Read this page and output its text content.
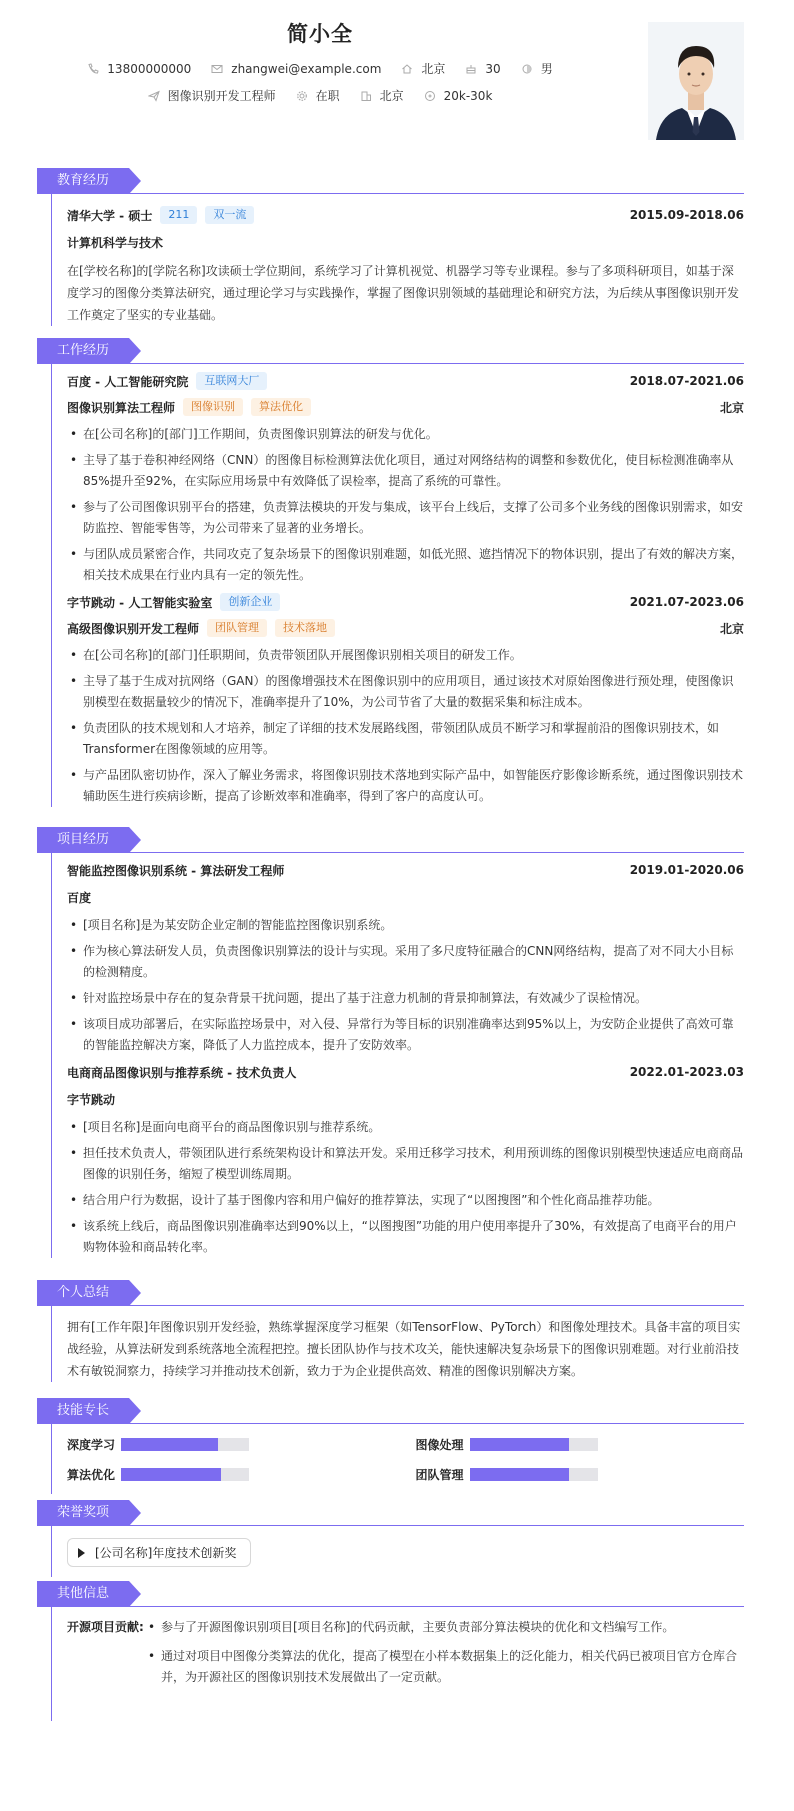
简小全
13800000000	zhangwei@example.com	北京	30	男
图像识别开发工程师	在职	北京	20k-30k
教育经历
清华大学 - 硕士	211	双一流	2015.09-2018.06
计算机科学与技术
在[学校名称]的[学院名称]攻读硕士学位期间，系统学习了计算机视觉、机器学习等专业课程。参与了多项科研项目，如基于深度学习的图像分类算法研究，通过理论学习与实践操作，掌握了图像识别领域的基础理论和研究方法，为后续从事图像识别开发工作奠定了坚实的专业基础。
工作经历
百度 - 人工智能研究院	互联网大厂	2018.07-2021.06
图像识别算法工程师	图像识别	算法优化	北京
• 在[公司名称]的[部门]工作期间，负责图像识别算法的研发与优化。
• 主导了基于卷积神经网络（CNN）的图像目标检测算法优化项目，通过对网络结构的调整和参数优化，使目标检测准确率从85%提升至92%，在实际应用场景中有效降低了误检率，提高了系统的可靠性。
• 参与了公司图像识别平台的搭建，负责算法模块的开发与集成，该平台上线后，支撑了公司多个业务线的图像识别需求，如安防监控、智能零售等，为公司带来了显著的业务增长。
• 与团队成员紧密合作，共同攻克了复杂场景下的图像识别难题，如低光照、遮挡情况下的物体识别，提出了有效的解决方案，相关技术成果在行业内具有一定的领先性。
字节跳动 - 人工智能实验室	创新企业	2021.07-2023.06
高级图像识别开发工程师	团队管理	技术落地	北京
• 在[公司名称]的[部门]任职期间，负责带领团队开展图像识别相关项目的研发工作。
• 主导了基于生成对抗网络（GAN）的图像增强技术在图像识别中的应用项目，通过该技术对原始图像进行预处理，使图像识别模型在数据量较少的情况下，准确率提升了10%，为公司节省了大量的数据采集和标注成本。
• 负责团队的技术规划和人才培养，制定了详细的技术发展路线图，带领团队成员不断学习和掌握前沿的图像识别技术，如Transformer在图像领域的应用等。
• 与产品团队密切协作，深入了解业务需求，将图像识别技术落地到实际产品中，如智能医疗影像诊断系统，通过图像识别技术辅助医生进行疾病诊断，提高了诊断效率和准确率，得到了客户的高度认可。
项目经历
智能监控图像识别系统 - 算法研发工程师	2019.01-2020.06
百度
• [项目名称]是为某安防企业定制的智能监控图像识别系统。
• 作为核心算法研发人员，负责图像识别算法的设计与实现。采用了多尺度特征融合的CNN网络结构，提高了对不同大小目标的检测精度。
• 针对监控场景中存在的复杂背景干扰问题，提出了基于注意力机制的背景抑制算法，有效减少了误检情况。
• 该项目成功部署后，在实际监控场景中，对入侵、异常行为等目标的识别准确率达到95%以上，为安防企业提供了高效可靠的智能监控解决方案，降低了人力监控成本，提升了安防效率。
电商商品图像识别与推荐系统 - 技术负责人	2022.01-2023.03
字节跳动
• [项目名称]是面向电商平台的商品图像识别与推荐系统。
• 担任技术负责人，带领团队进行系统架构设计和算法开发。采用迁移学习技术，利用预训练的图像识别模型快速适应电商商品图像的识别任务，缩短了模型训练周期。
• 结合用户行为数据，设计了基于图像内容和用户偏好的推荐算法，实现了“以图搜图”和个性化商品推荐功能。
• 该系统上线后，商品图像识别准确率达到90%以上，“以图搜图”功能的用户使用率提升了30%，有效提高了电商平台的用户购物体验和商品转化率。
个人总结
拥有[工作年限]年图像识别开发经验，熟练掌握深度学习框架（如TensorFlow、PyTorch）和图像处理技术。具备丰富的项目实战经验，从算法研发到系统落地全流程把控。擅长团队协作与技术攻关，能快速解决复杂场景下的图像识别难题。对行业前沿技术有敏锐洞察力，持续学习并推动技术创新，致力于为企业提供高效、精准的图像识别解决方案。
技能专长
深度学习	图像处理
算法优化	团队管理
荣誉奖项
[公司名称]年度技术创新奖
其他信息
开源项目贡献:
•	参与了开源图像识别项目[项目名称]的代码贡献，主要负责部分算法模块的优化和文档编写工作。
• 通过对项目中图像分类算法的优化，提高了模型在小样本数据集上的泛化能力，相关代码已被项目官方仓库合并，为开源社区的图像识别技术发展做出了一定贡献。
